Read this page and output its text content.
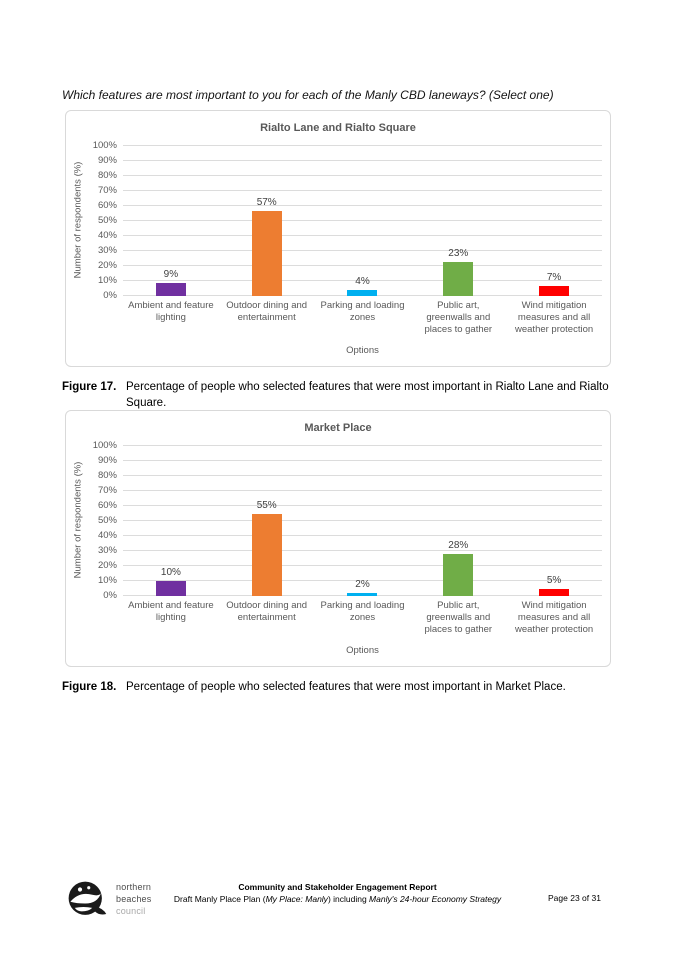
Which features are most important to you for each of the Manly CBD laneways? (Select one)

Rialto Lane and Rialto Square
Number of respondents (%)
100%
90%
80%
70%
60%
50%
40%
30%
20%
10%
0%
9%
57%
4%
23%
7%
Ambient and feature lighting
Outdoor dining and entertainment
Parking and loading zones
Public art, greenwalls and places to gather
Wind mitigation measures and all weather protection
Options

Figure 17. Percentage of people who selected features that were most important in Rialto Lane and Rialto Square.

Market Place
Number of respondents (%)
100%
90%
80%
70%
60%
50%
40%
30%
20%
10%
0%
10%
55%
2%
28%
5%
Ambient and feature lighting
Outdoor dining and entertainment
Parking and loading zones
Public art, greenwalls and places to gather
Wind mitigation measures and all weather protection
Options

Figure 18. Percentage of people who selected features that were most important in Market Place.

northern
beaches
council
Community and Stakeholder Engagement Report
Draft Manly Place Plan (My Place: Manly) including Manly's 24-hour Economy Strategy	Page 23 of 31
